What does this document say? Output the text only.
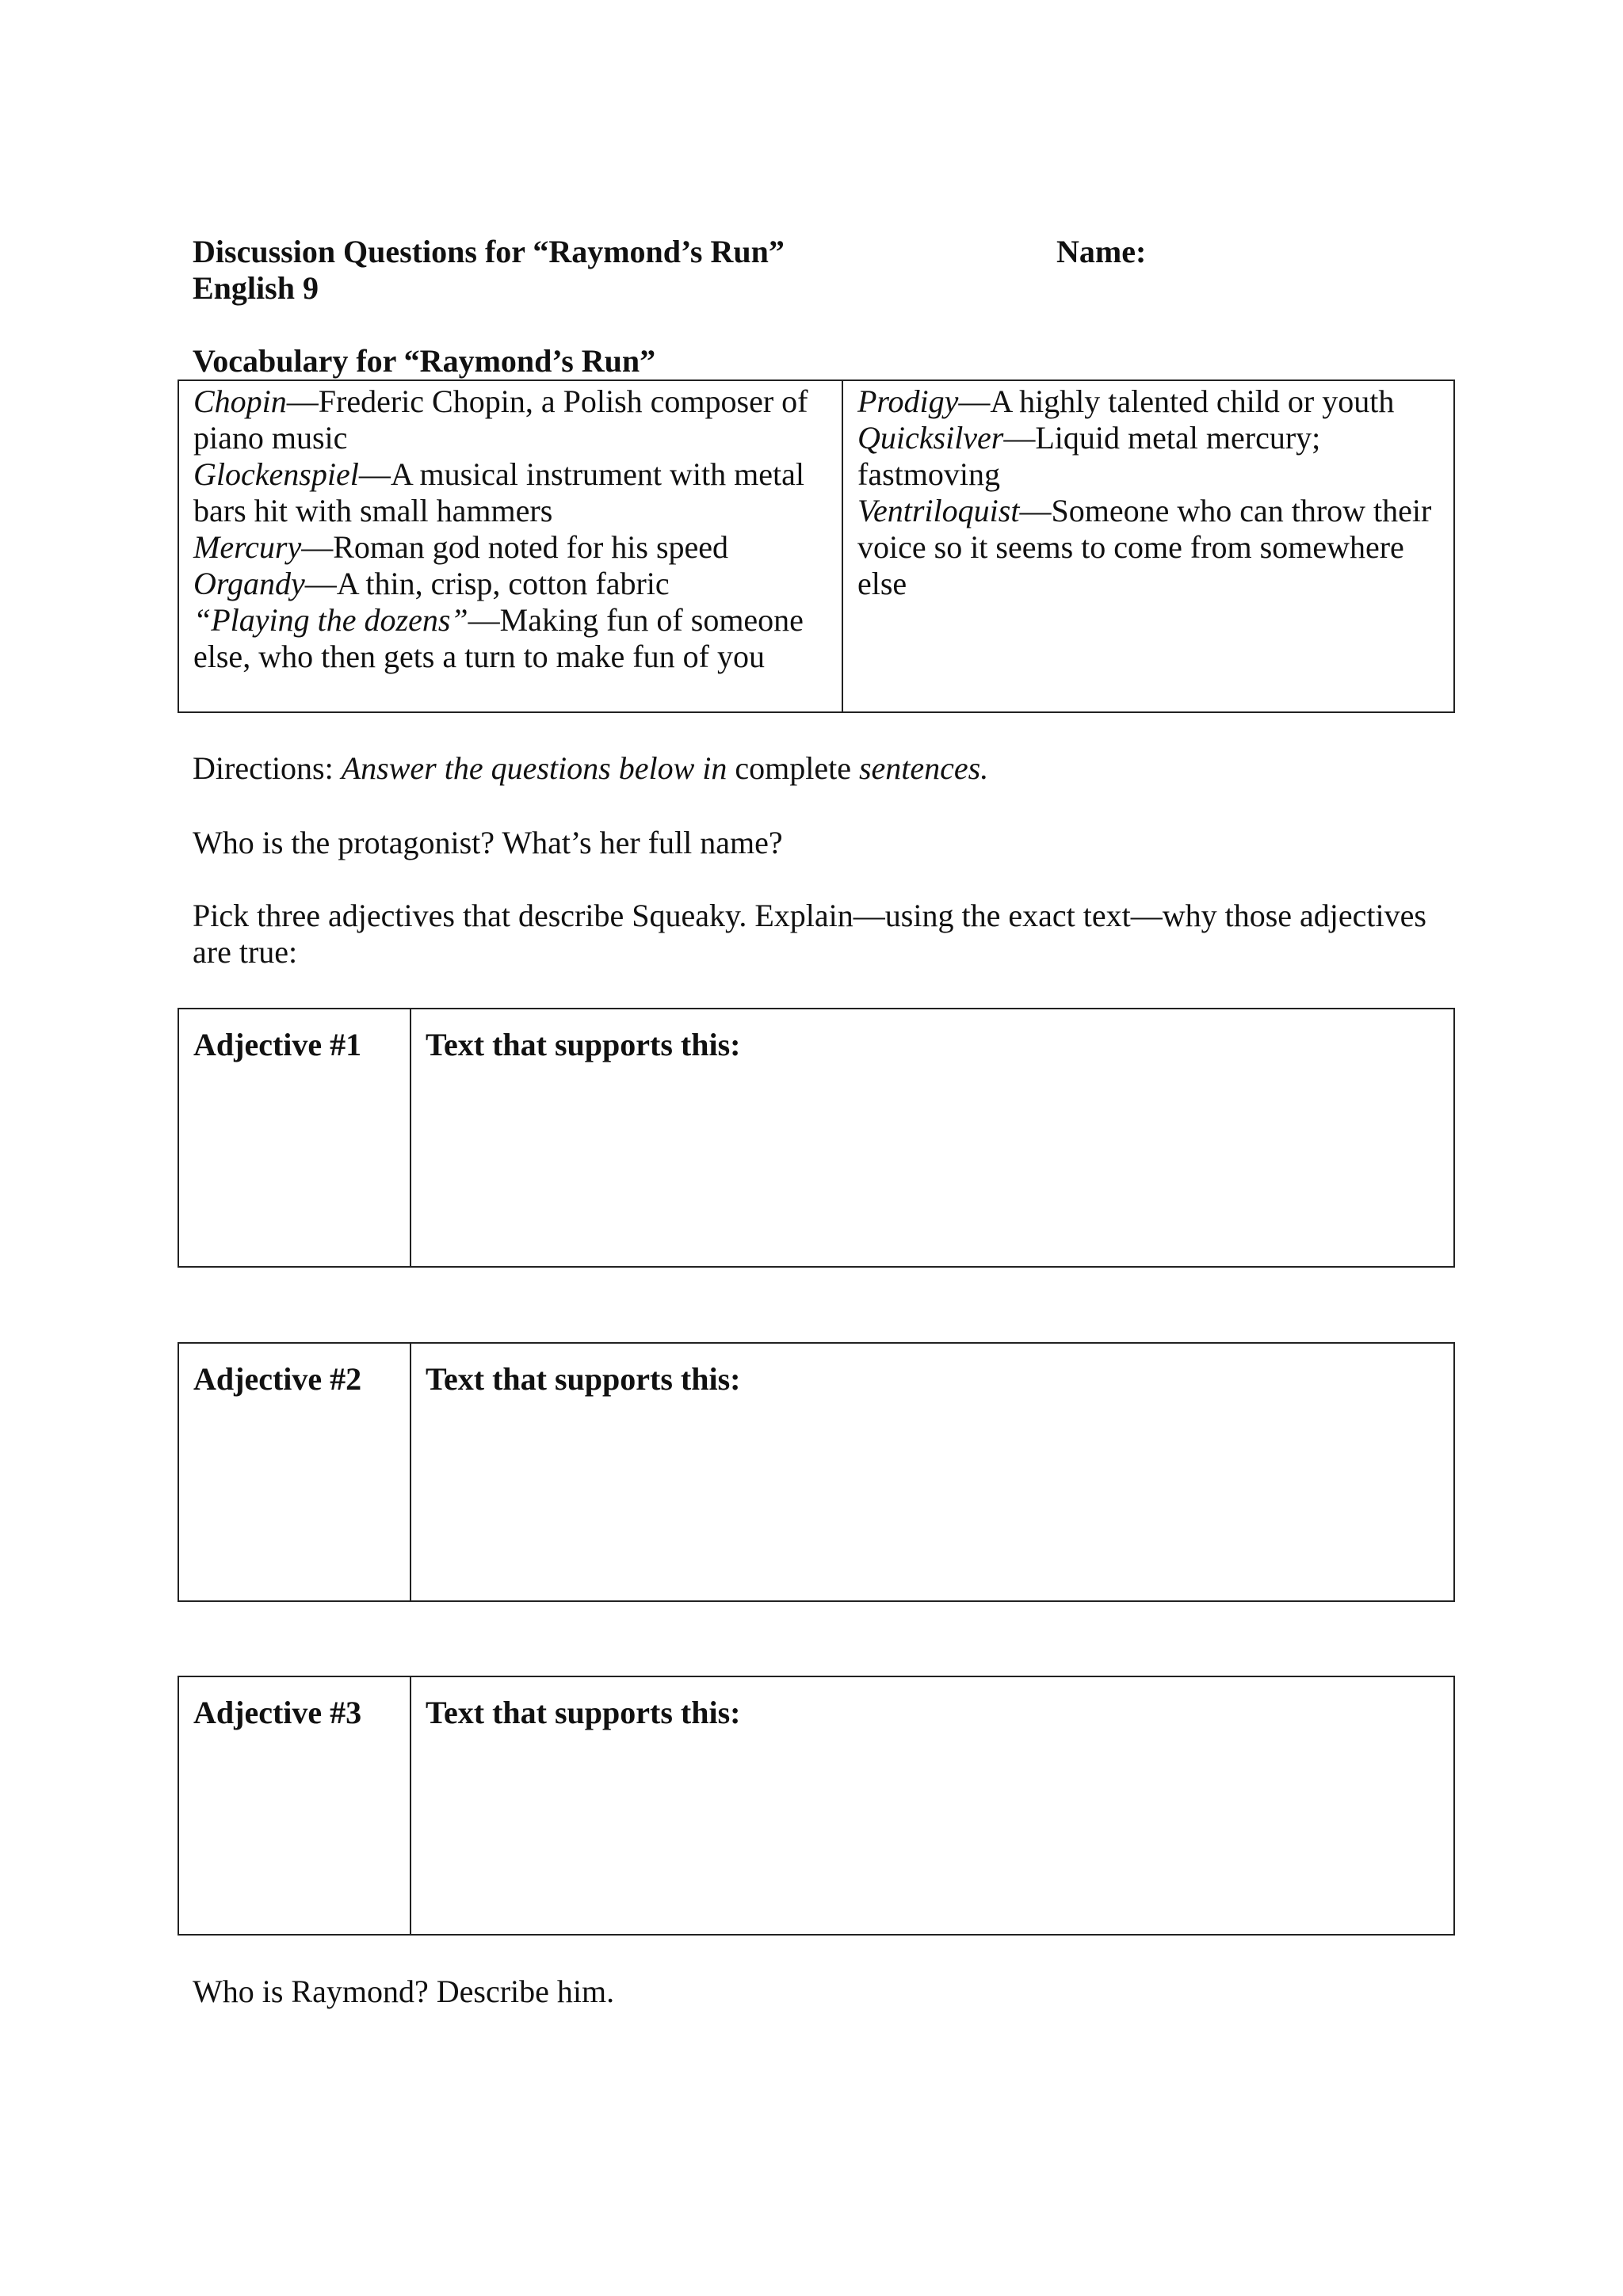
Discussion Questions for “Raymond’s Run”	Name:
English 9
Vocabulary for “Raymond’s Run”
Chopin—Frederic Chopin, a Polish composer of piano music
Glockenspiel—A musical instrument with metal bars hit with small hammers
Mercury—Roman god noted for his speed
Organdy—A thin, crisp, cotton fabric
“Playing the dozens”—Making fun of someone else, who then gets a turn to make fun of you

Prodigy—A highly talented child or youth
Quicksilver—Liquid metal mercury; fastmoving
Ventriloquist—Someone who can throw their voice so it seems to come from somewhere else
Directions: Answer the questions below in complete sentences.
Who is the protagonist? What’s her full name?
Pick three adjectives that describe Squeaky. Explain—using the exact text—why those adjectives are true:
Adjective #1	Text that supports this:
Adjective #2	Text that supports this:
Adjective #3	Text that supports this:
Who is Raymond? Describe him.
